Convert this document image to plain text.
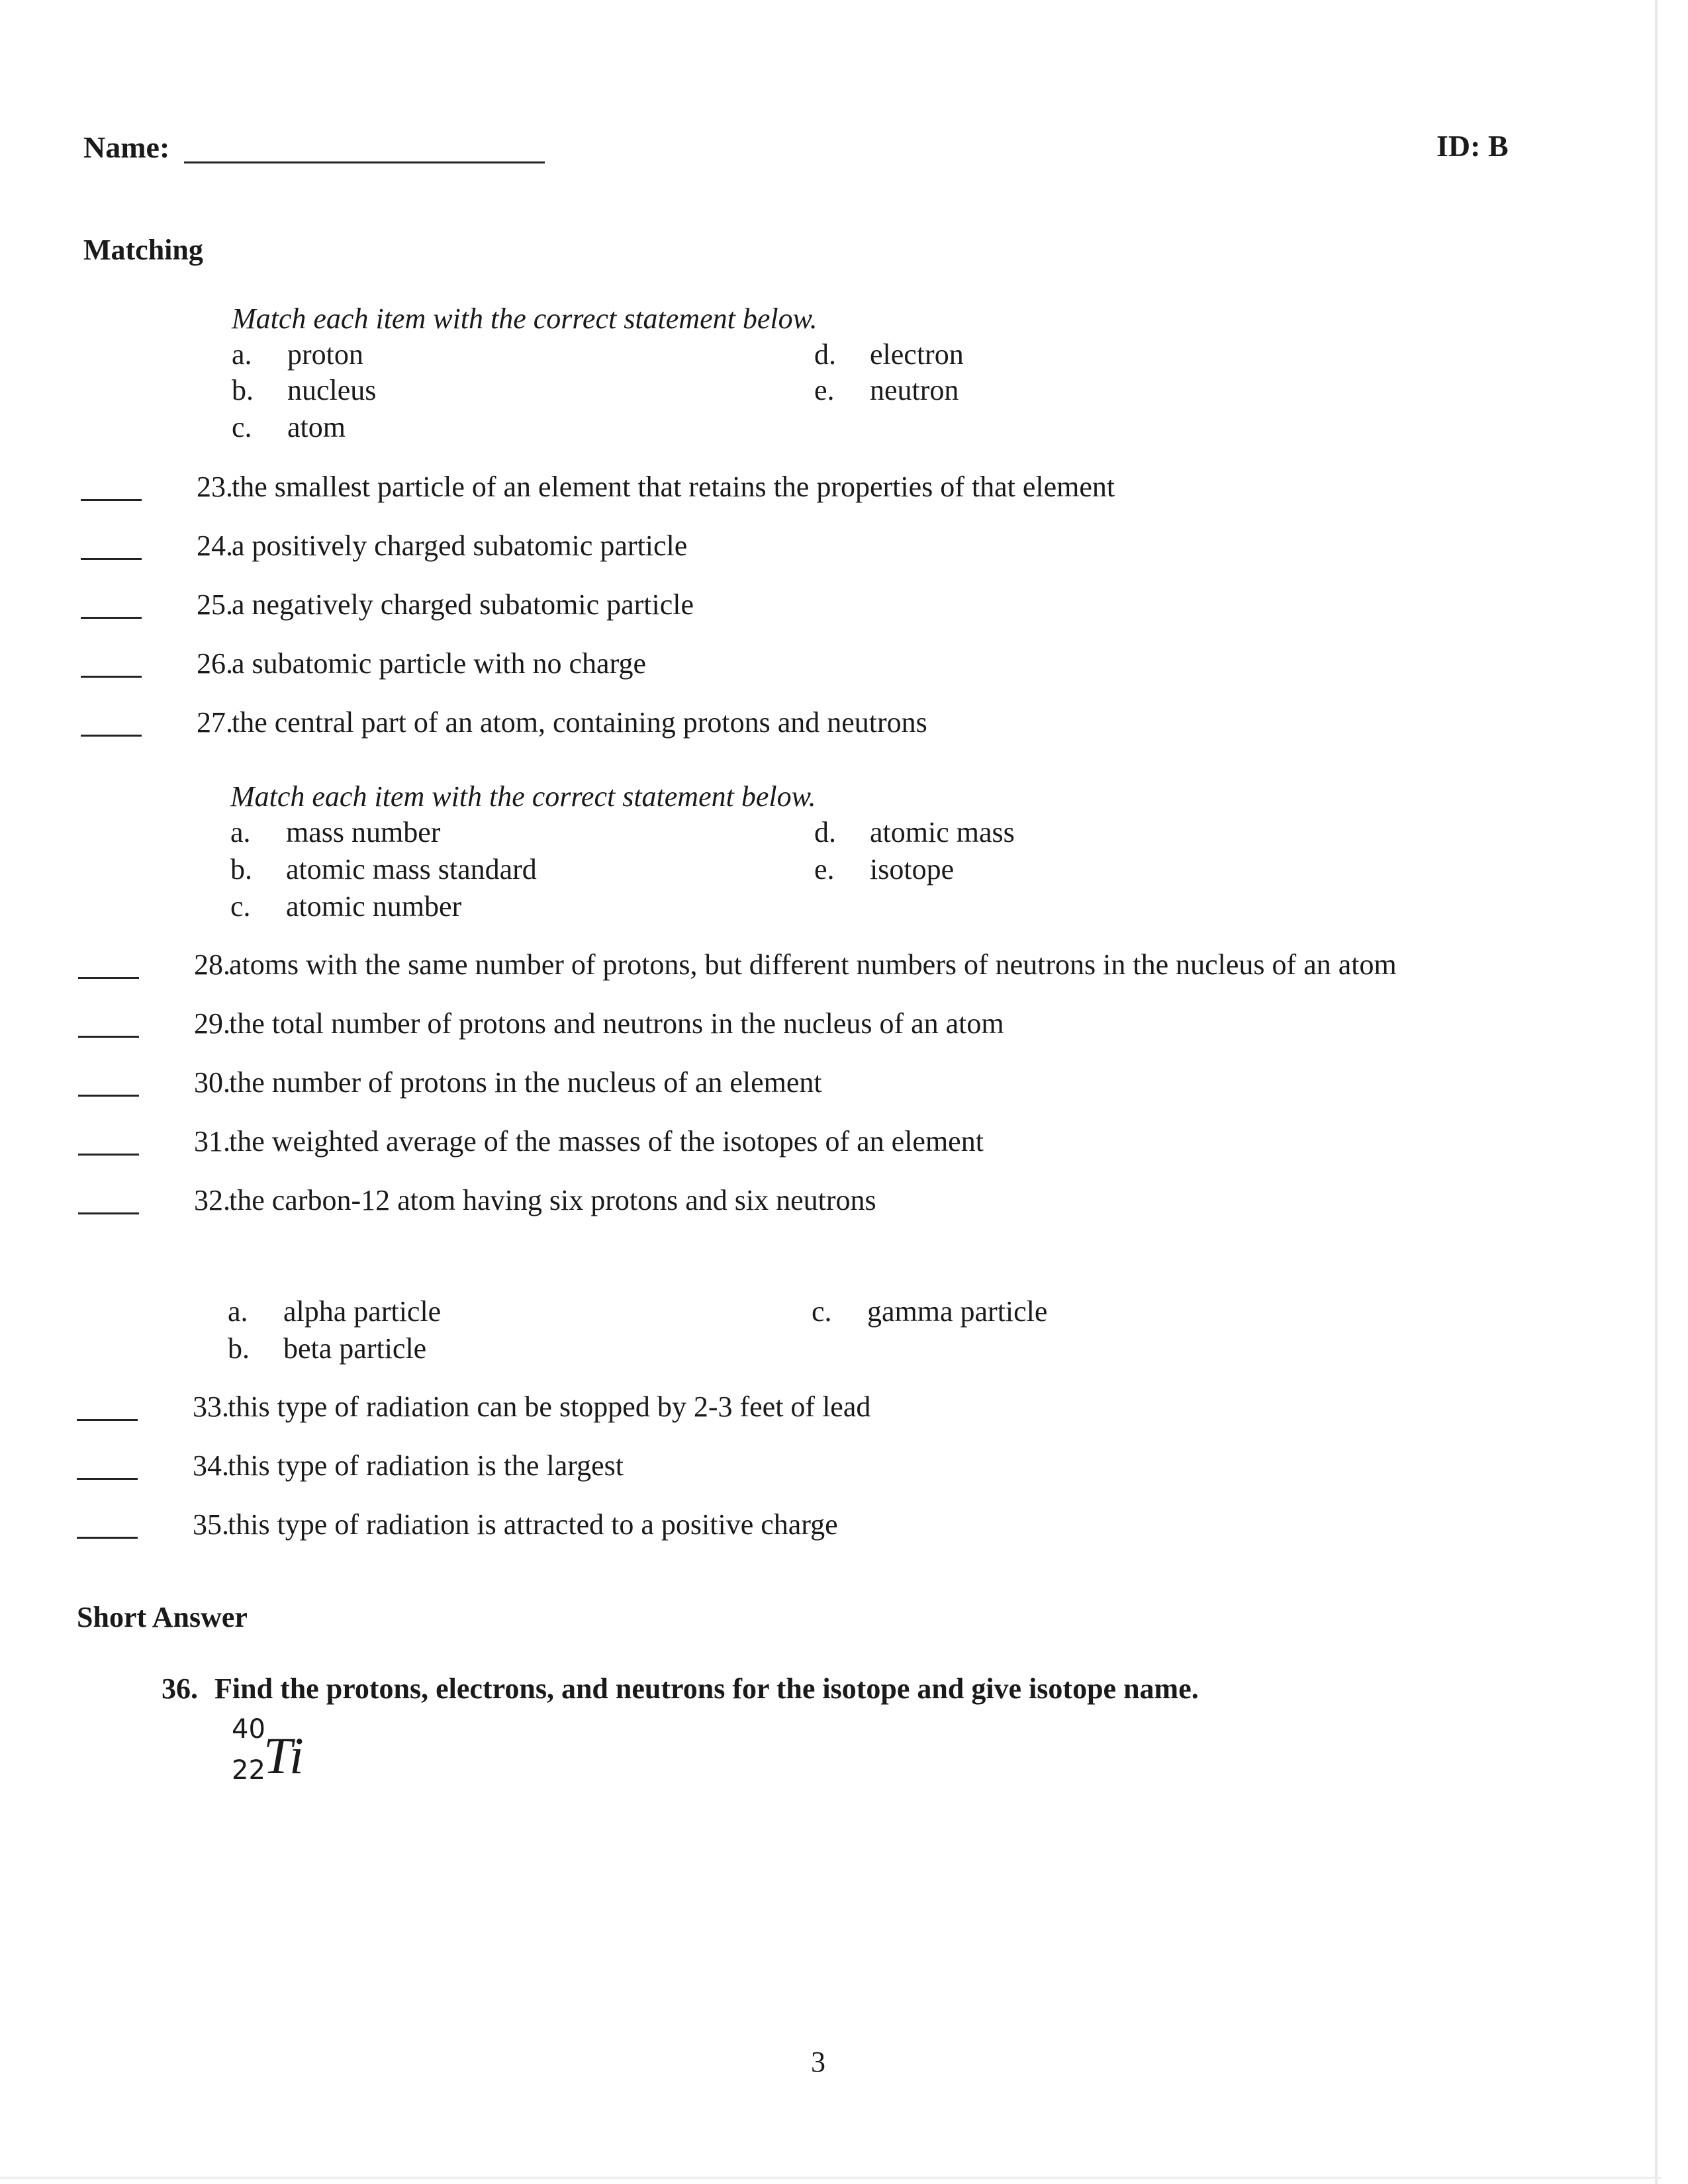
Name:	ID: B
Matching
Match each item with the correct statement below.
a. proton
b. nucleus
c. atom
d. electron
e. neutron
23.
the smallest particle of an element that retains the properties of that element
24.
a positively charged subatomic particle
25.
a negatively charged subatomic particle
26.
a subatomic particle with no charge
27.
the central part of an atom, containing protons and neutrons
Match each item with the correct statement below.
a. mass number
b. atomic mass standard
c. atomic number
d. atomic mass
e. isotope
28.
atoms with the same number of protons, but different numbers of neutrons in the nucleus of an atom
29.
the total number of protons and neutrons in the nucleus of an atom
30.
the number of protons in the nucleus of an element
31.
the weighted average of the masses of the isotopes of an element
32.
the carbon-12 atom having six protons and six neutrons
a. alpha particle
b. beta particle
c. gamma particle
33.
this type of radiation can be stopped by 2-3 feet of lead
34.
this type of radiation is the largest
35.
this type of radiation is attracted to a positive charge
Short Answer
36. Find the protons, electrons, and neutrons for the isotope and give isotope name.
40
22
Ti
3
